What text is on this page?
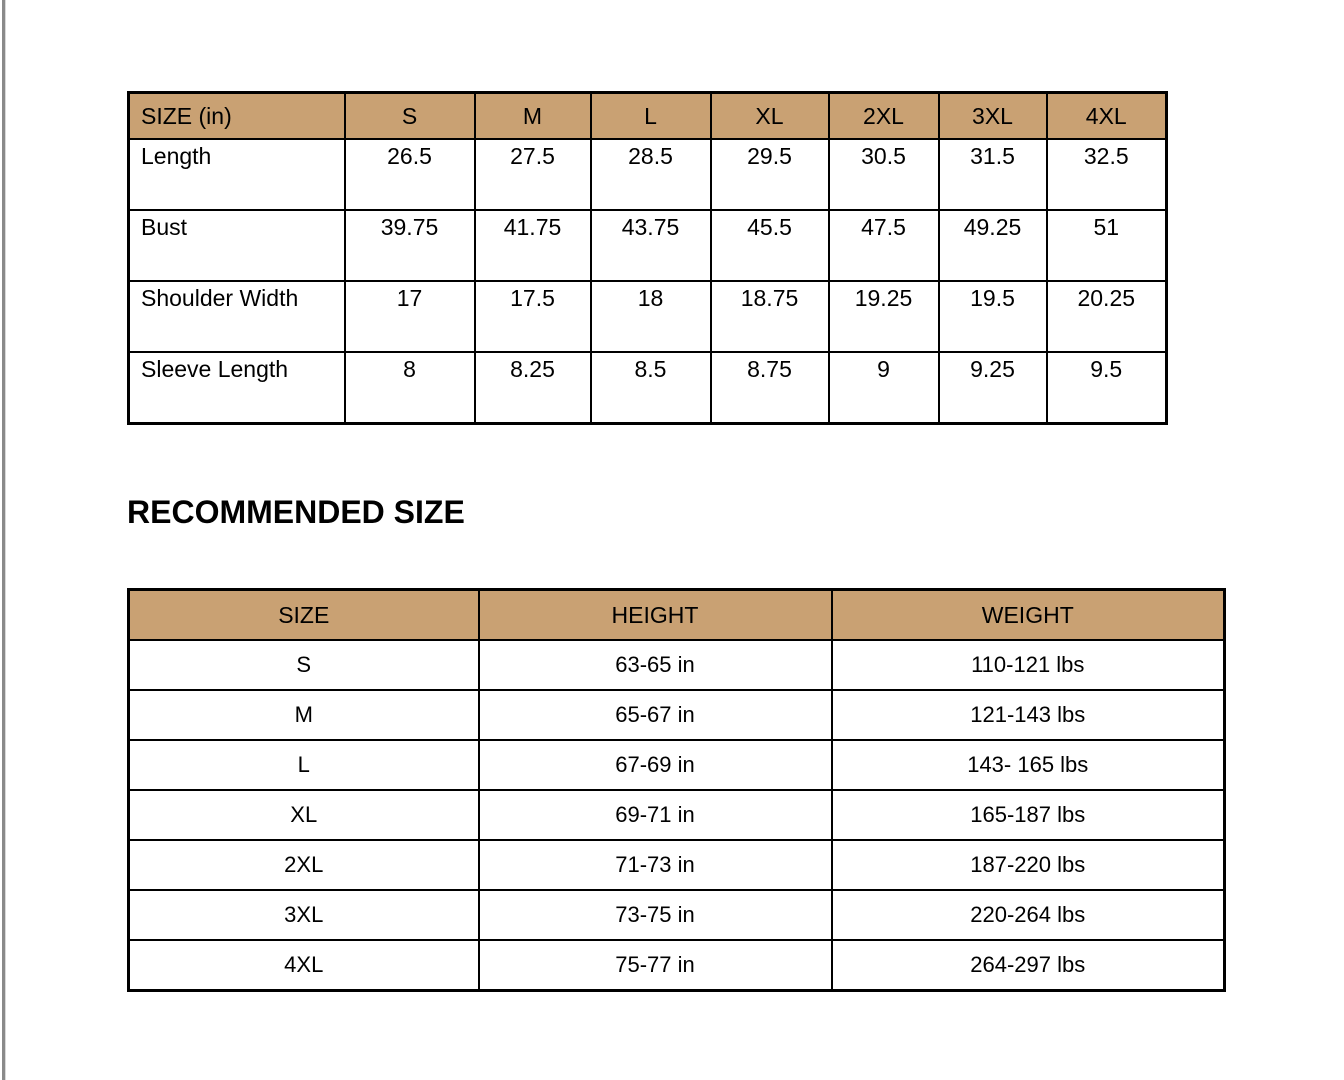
SIZE (in)	S	M	L	XL	2XL	3XL	4XL
Length	26.5	27.5	28.5	29.5	30.5	31.5	32.5
Bust	39.75	41.75	43.75	45.5	47.5	49.25	51
Shoulder Width	17	17.5	18	18.75	19.25	19.5	20.25
Sleeve Length	8	8.25	8.5	8.75	9	9.25	9.5
RECOMMENDED SIZE
SIZE	HEIGHT	WEIGHT
S	63-65 in	110-121 lbs
M	65-67 in	121-143 lbs
L	67-69 in	143- 165 lbs
XL	69-71 in	165-187 lbs
2XL	71-73 in	187-220 lbs
3XL	73-75 in	220-264 lbs
4XL	75-77 in	264-297 lbs
